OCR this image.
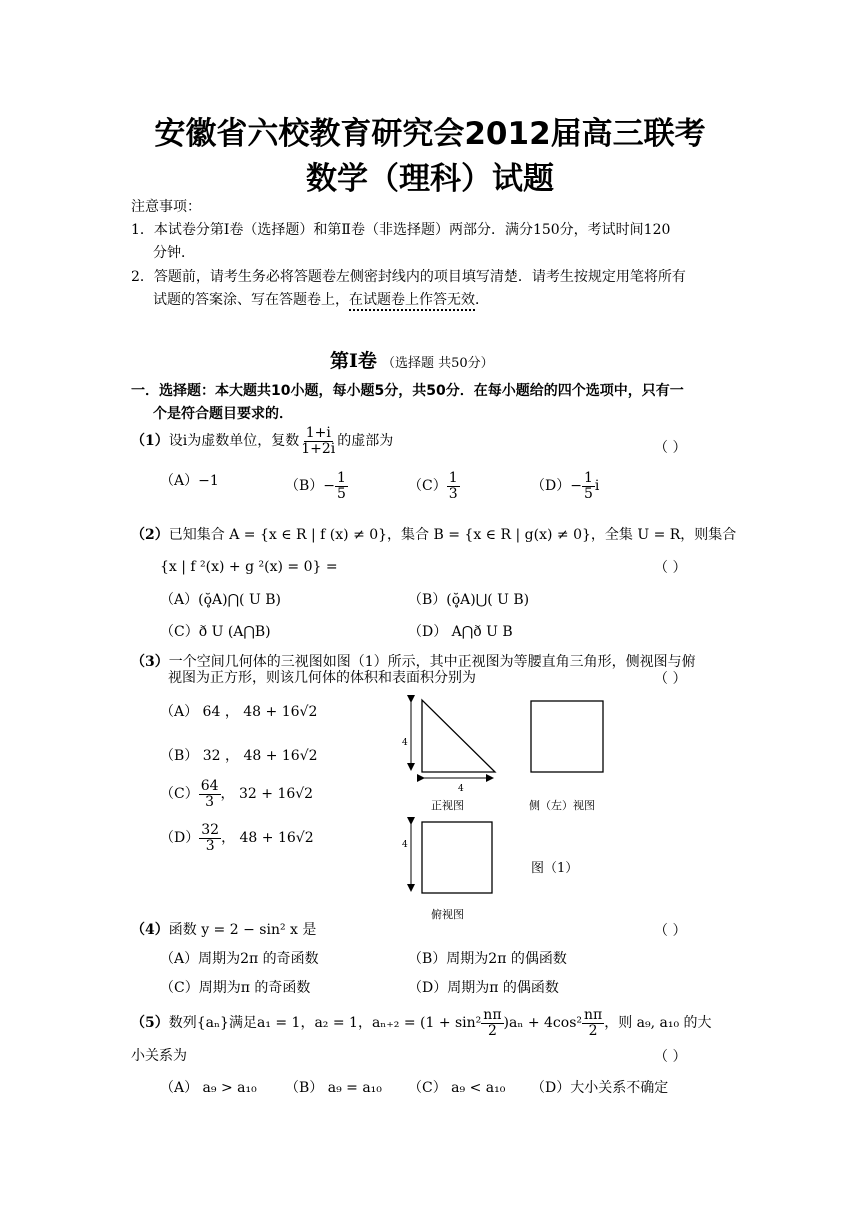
安徽省六校教育研究会2012届高三联考
数学（理科）试题
注意事项：
1．本试卷分第Ⅰ卷（选择题）和第Ⅱ卷（非选择题）两部分．满分150分，考试时间120
分钟．
2．答题前，请考生务必将答题卷左侧密封线内的项目填写清楚．请考生按规定用笔将所有
试题的答案涂、写在答题卷上，在试题卷上作答无效．
第Ⅰ卷 （选择题 共50分）
一．选择题：本大题共10小题，每小题5分，共50分．在每小题给的四个选项中，只有一
个是符合题目要求的．
（1） 设i为虚数单位，复数 $\frac{1+i}{1+2i}$ 的虚部为	（ ）
（A） −1	$(B) - \frac{1}{5}$	$(C) \frac{1}{3}$	$(D) - \frac{1}{5}$ i
（2）已知集合 A = {x ∈ R | f (x) ≠ 0}，集合 B = {x ∈ R | g(x) ≠ 0}，全集 U = R，则集合
{x | f ²(x) + g ²(x) = 0} =	（ ）
（A）(ŏ̥A)⋂( U B)	（B）(ŏ̥A)⋃( U B)
（C）ð U (A⋂B)	（D） A⋂ð U B
（3）一个空间几何体的三视图如图（1）所示，其中正视图为等腰直角三角形，侧视图与俯
视图为正方形，则该几何体的体积和表面积分别为	（ ）
（A） 64 ， 48 + 16√2
（B） 32 ， 48 + 16√2
$(C) \frac{64}{3}$ ， 32 + 16√2
$(D) \frac{32}{3}$ ， 48 + 16√2
4
4
4
正视图	侧（左）视图
俯视图
图（1）
（4）函数 y = 2 − sin² x 是	（ ）
（A）周期为2π 的奇函数	（B）周期为2π 的偶函数
（C）周期为π 的奇函数	（D）周期为π 的偶函数
（5） 数列{aₙ}满足a₁ = 1，a₂ = 1，$a_{n+2} = (1 + \sin^2 \frac{n\pi}{2} )a_n + 4\cos^2 \frac{n\pi}{2}$ ，则 a₉, a₁₀ 的大
小关系为	（ ）
（A） a₉ > a₁₀ （B） a₉ = a₁₀ （C） a₉ < a₁₀ （D）大小关系不确定
